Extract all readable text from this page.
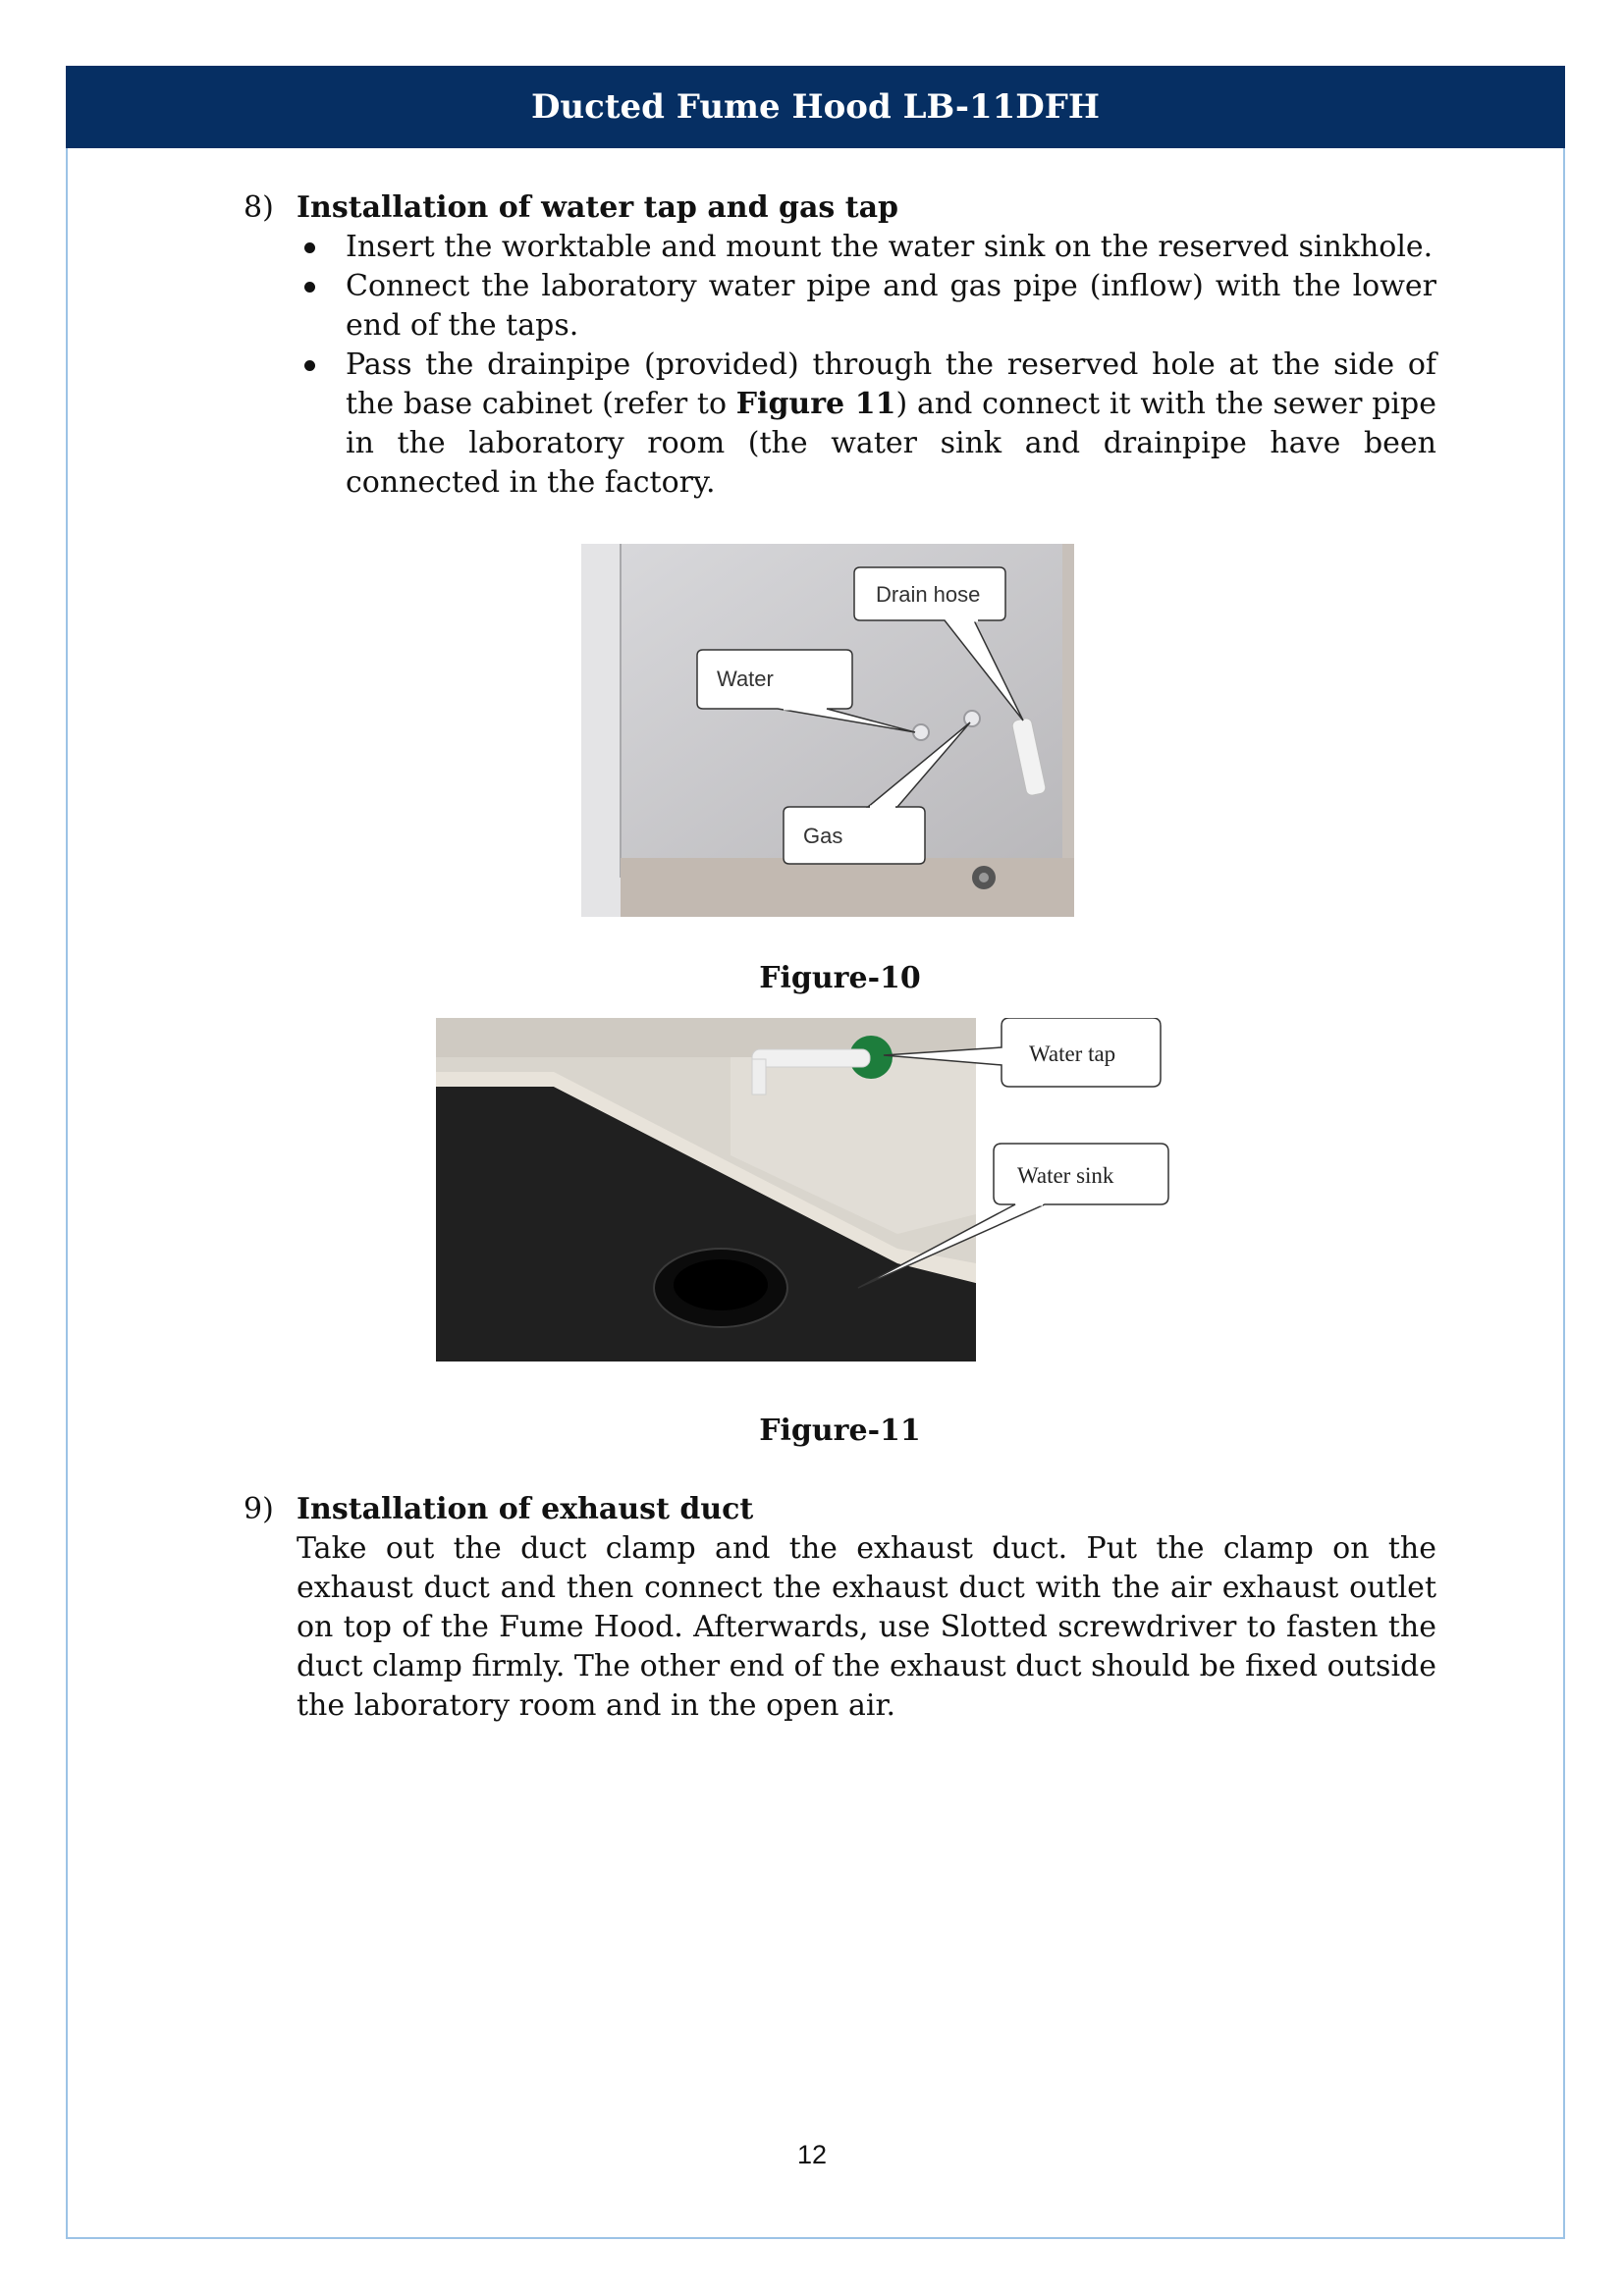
Ducted Fume Hood LB-11DFH
8) Installation of water tap and gas tap
Insert the worktable and mount the water sink on the reserved sinkhole.
Connect the laboratory water pipe and gas pipe (inflow) with the lower end of the taps.
Pass the drainpipe (provided) through the reserved hole at the side of the base cabinet (refer to Figure 11) and connect it with the sewer pipe in the laboratory room (the water sink and drainpipe have been connected in the factory.
Drain hose
Water
Gas
Figure-10
Water tap
Water sink
Figure-11
9) Installation of exhaust duct
Take out the duct clamp and the exhaust duct. Put the clamp on the exhaust duct and then connect the exhaust duct with the air exhaust outlet on top of the Fume Hood. Afterwards, use Slotted screwdriver to fasten the duct clamp firmly. The other end of the exhaust duct should be fixed outside the laboratory room and in the open air.
12
